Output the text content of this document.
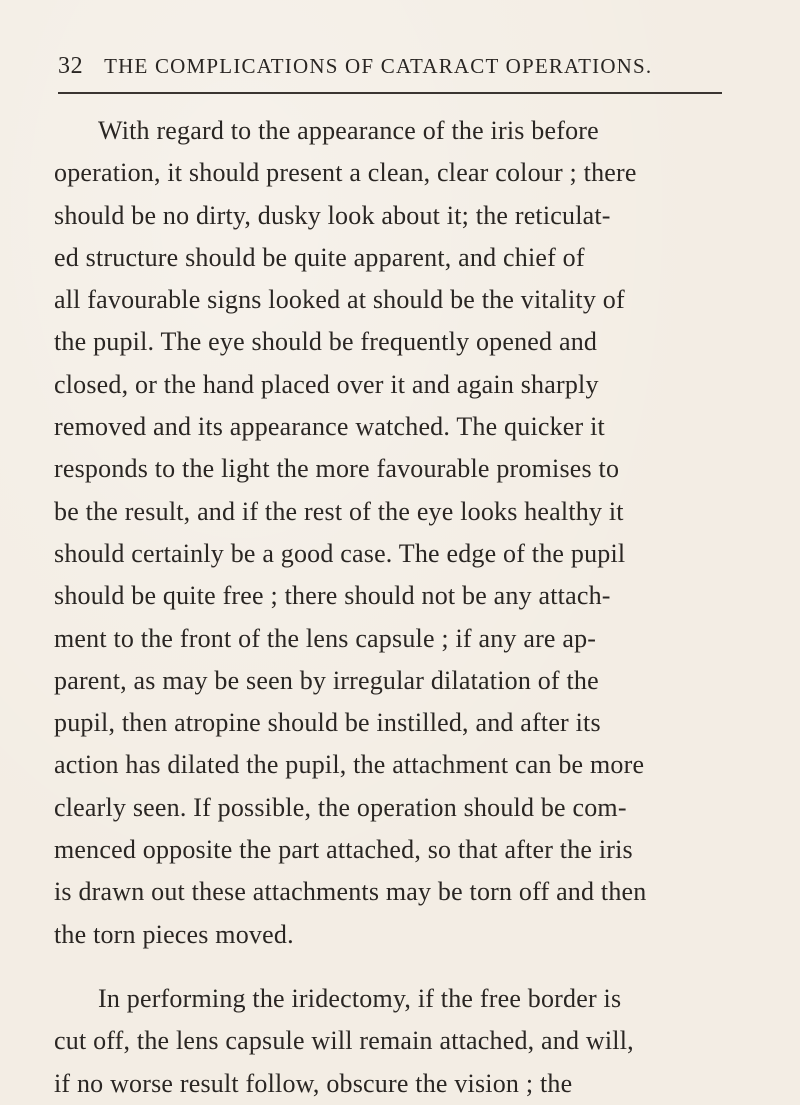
32 THE COMPLICATIONS OF CATARACT OPERATIONS.
With regard to the appearance of the iris before
operation, it should present a clean, clear colour ; there
should be no dirty, dusky look about it; the reticulat-
ed structure should be quite apparent, and chief of
all favourable signs looked at should be the vitality of
the pupil. The eye should be frequently opened and
closed, or the hand placed over it and again sharply
removed and its appearance watched. The quicker it
responds to the light the more favourable promises to
be the result, and if the rest of the eye looks healthy it
should certainly be a good case. The edge of the pupil
should be quite free ; there should not be any attach-
ment to the front of the lens capsule ; if any are ap-
parent, as may be seen by irregular dilatation of the
pupil, then atropine should be instilled, and after its
action has dilated the pupil, the attachment can be more
clearly seen. If possible, the operation should be com-
menced opposite the part attached, so that after the iris
is drawn out these attachments may be torn off and then
the torn pieces moved.
In performing the iridectomy, if the free border is
cut off, the lens capsule will remain attached, and will,
if no worse result follow, obscure the vision ; the
